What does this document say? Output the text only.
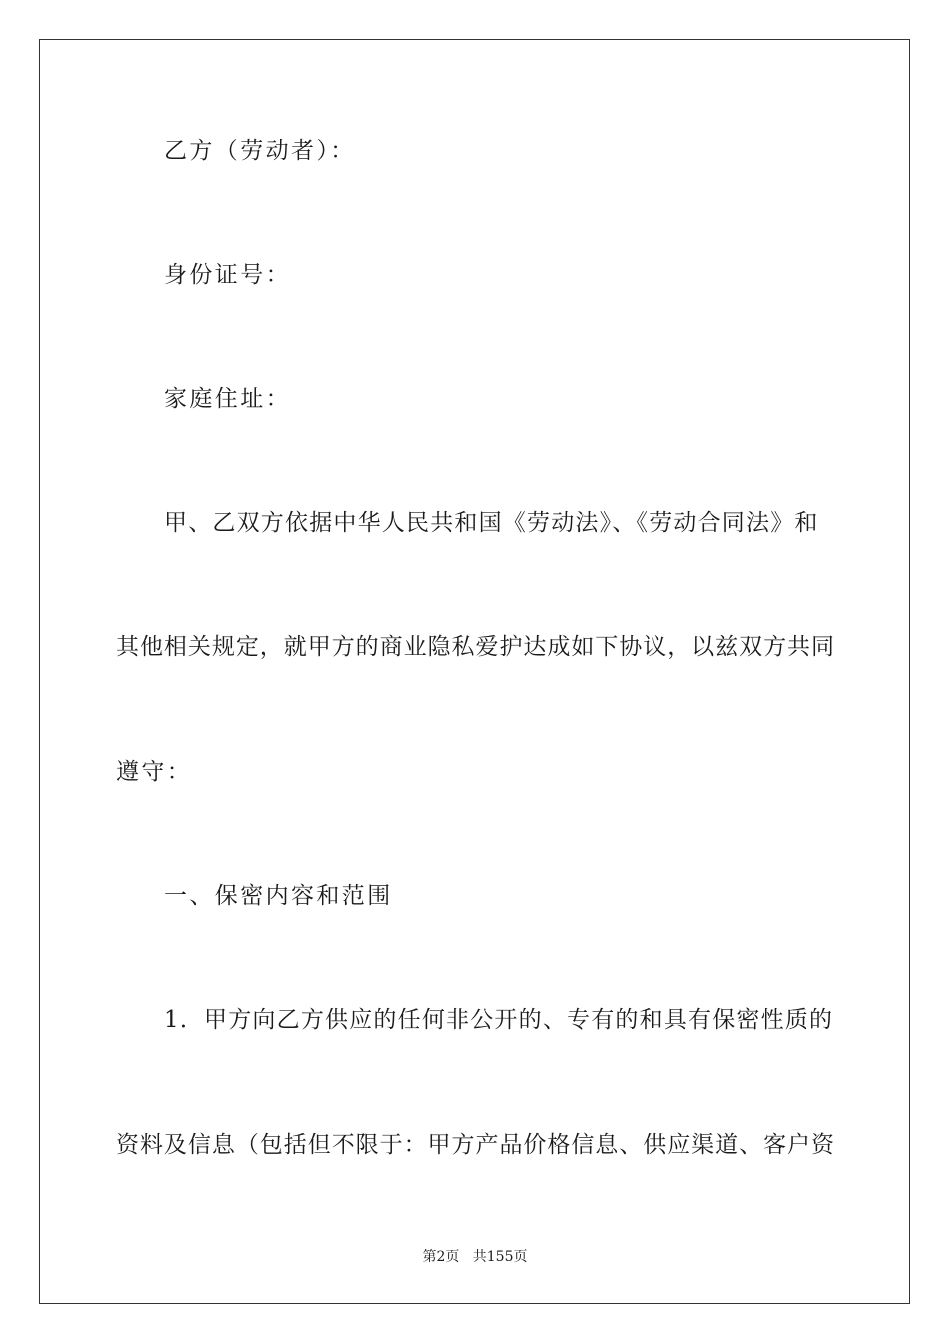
乙方（劳动者）：
身份证号：
家庭住址：
甲、乙双方依据中华人民共和国《劳动法》、《劳动合同法》和
其他相关规定，就甲方的商业隐私爱护达成如下协议，以兹双方共同
遵守：
一、保密内容和范围
1．甲方向乙方供应的任何非公开的、专有的和具有保密性质的
资料及信息（包括但不限于：甲方产品价格信息、供应渠道、客户资
第2页   共155页
